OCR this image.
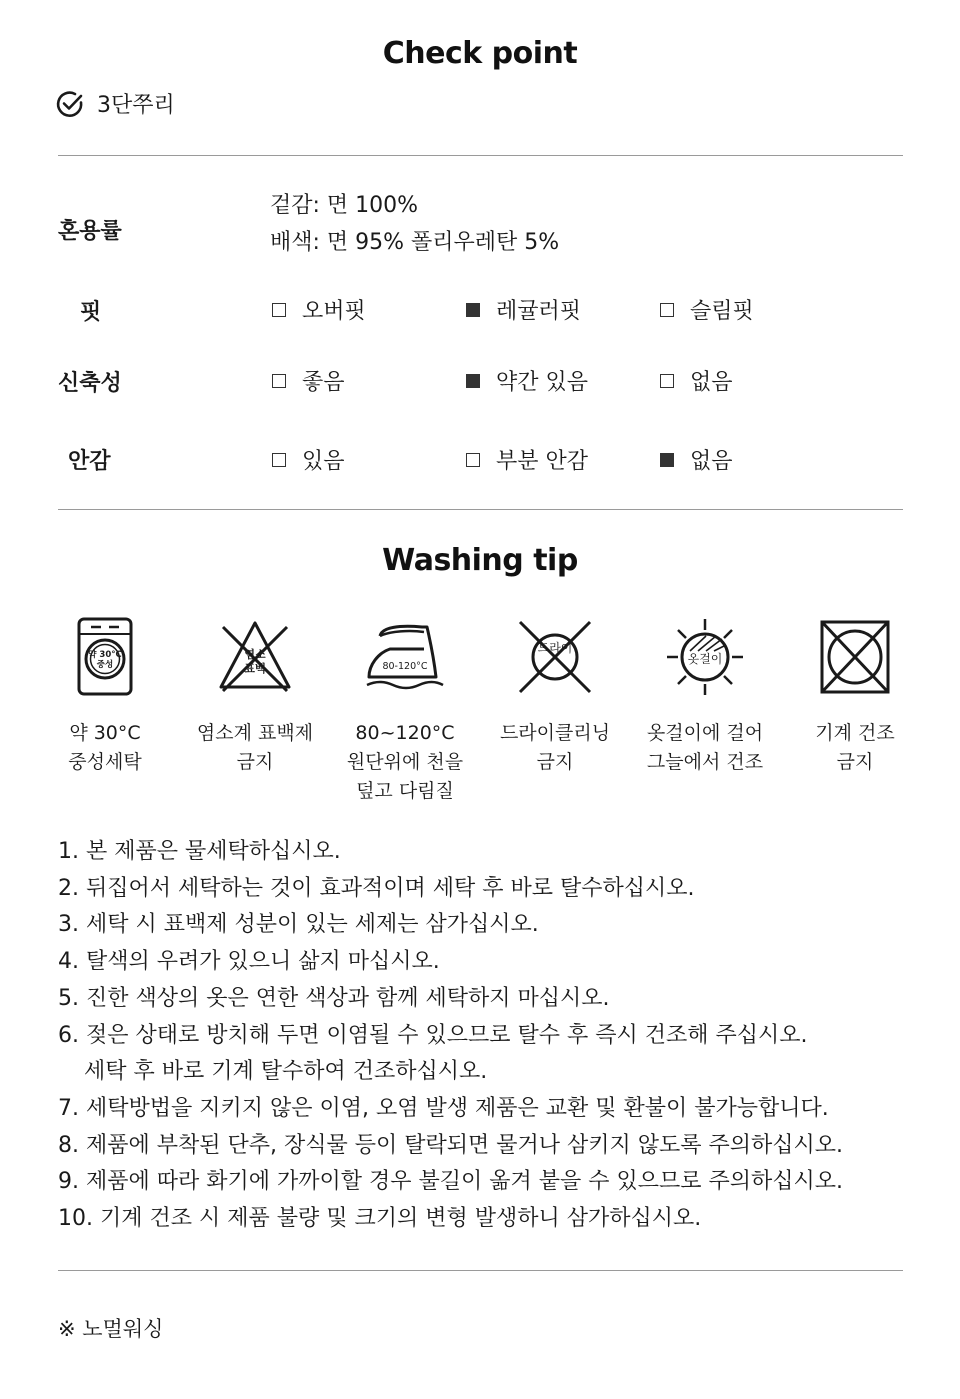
Check point
3단쭈리
혼용률
겉감: 면 100%
배색: 면 95% 폴리우레탄 5%
핏	오버핏	레귤러핏	슬림핏
신축성	좋음	약간 있음	없음
안감	있음	부분 안감	없음
Washing tip
약 30°C
중성
약 30°C
중성세탁
염소
표백
염소계 표백제
금지
80-120°C
80~120°C
원단위에 천을
덮고 다림질
드라이
드라이클리닝
금지
옷걸이
옷걸이에 걸어
그늘에서 건조
기계 건조
금지
1. 본 제품은 물세탁하십시오.
2. 뒤집어서 세탁하는 것이 효과적이며 세탁 후 바로 탈수하십시오.
3. 세탁 시 표백제 성분이 있는 세제는 삼가십시오.
4. 탈색의 우려가 있으니 삶지 마십시오.
5. 진한 색상의 옷은 연한 색상과 함께 세탁하지 마십시오.
6. 젖은 상태로 방치해 두면 이염될 수 있으므로 탈수 후 즉시 건조해 주십시오.
세탁 후 바로 기계 탈수하여 건조하십시오.
7. 세탁방법을 지키지 않은 이염, 오염 발생 제품은 교환 및 환불이 불가능합니다.
8. 제품에 부착된 단추, 장식물 등이 탈락되면 물거나 삼키지 않도록 주의하십시오.
9. 제품에 따라 화기에 가까이할 경우 불길이 옮겨 붙을 수 있으므로 주의하십시오.
10. 기계 건조 시 제품 불량 및 크기의 변형 발생하니 삼가하십시오.
※ 노멀워싱
